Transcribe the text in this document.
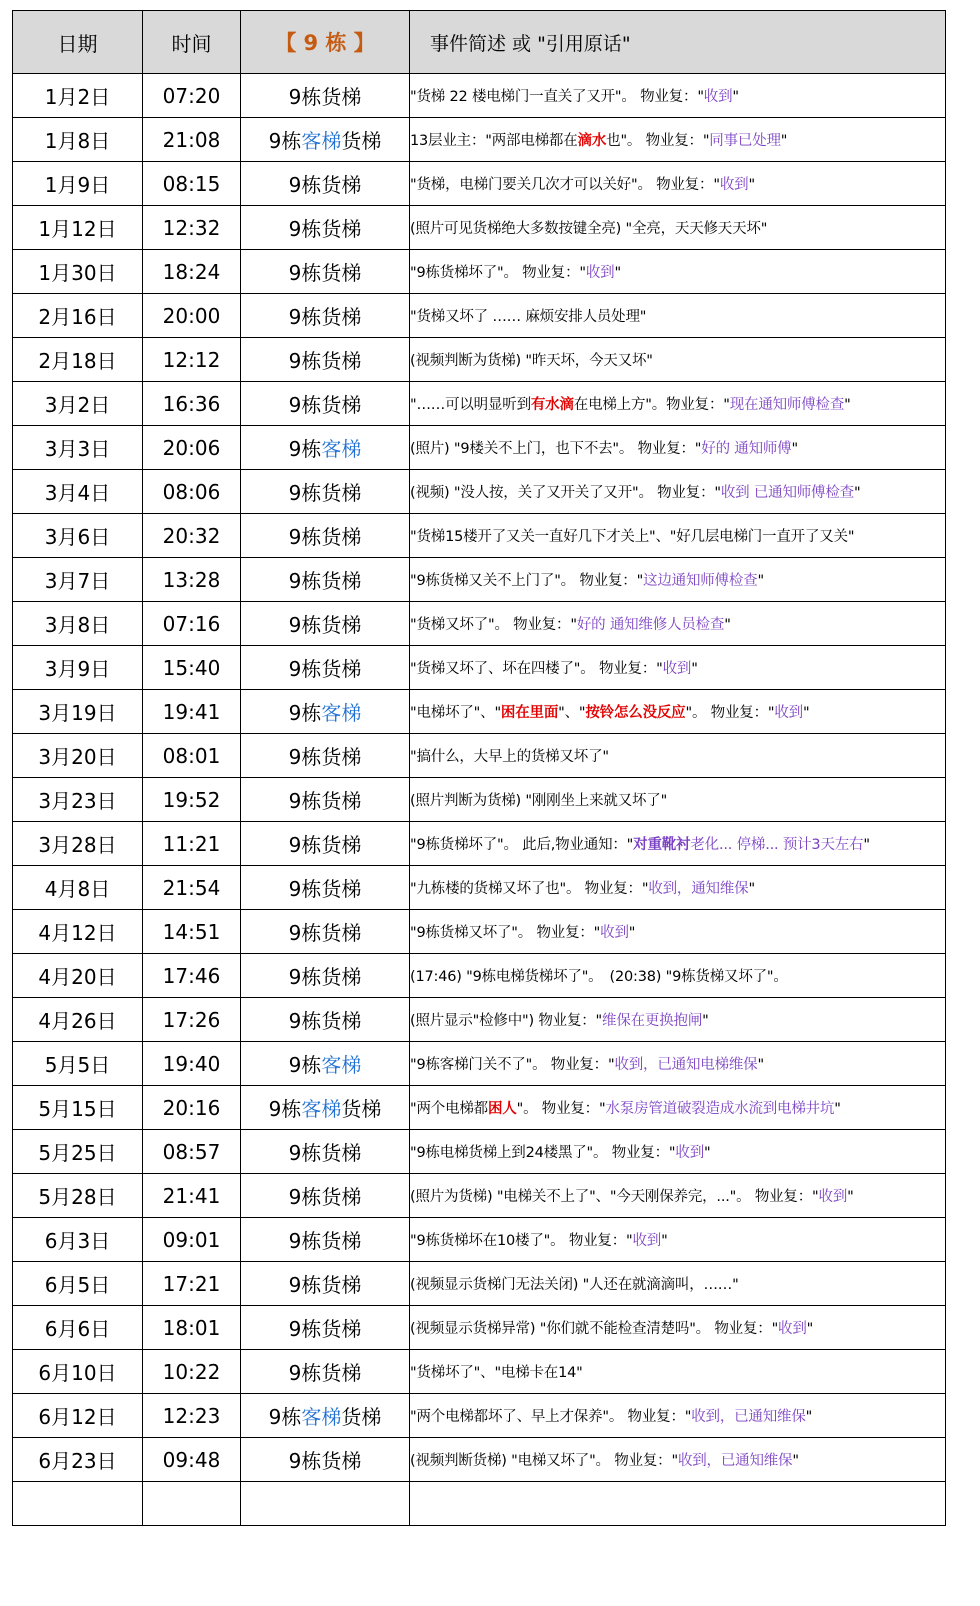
日期	时间	【 9 栋 】	事件简述 或 "引用原话"
1月2日	07:20	9栋货梯	"货梯 22 楼电梯门一直关了又开"。 物业复："收到"
1月8日	21:08	9栋客梯货梯	13层业主："两部电梯都在滴水也"。 物业复："同事已处理"
1月9日	08:15	9栋货梯	"货梯，电梯门要关几次才可以关好"。 物业复："收到"
1月12日	12:32	9栋货梯	(照片可见货梯绝大多数按键全亮) "全亮，天天修天天坏"
1月30日	18:24	9栋货梯	"9栋货梯坏了"。 物业复："收到"
2月16日	20:00	9栋货梯	"货梯又坏了 …… 麻烦安排人员处理"
2月18日	12:12	9栋货梯	(视频判断为货梯) "昨天坏，今天又坏"
3月2日	16:36	9栋货梯	"……可以明显听到有水滴在电梯上方"。物业复："现在通知师傅检查"
3月3日	20:06	9栋客梯	(照片) "9楼关不上门，也下不去"。 物业复："好的 通知师傅"
3月4日	08:06	9栋货梯	(视频) "没人按，关了又开关了又开"。 物业复："收到 已通知师傅检查"
3月6日	20:32	9栋货梯	"货梯15楼开了又关一直好几下才关上"、"好几层电梯门一直开了又关"
3月7日	13:28	9栋货梯	"9栋货梯又关不上门了"。 物业复："这边通知师傅检查"
3月8日	07:16	9栋货梯	"货梯又坏了"。 物业复："好的 通知维修人员检查"
3月9日	15:40	9栋货梯	"货梯又坏了、坏在四楼了"。 物业复："收到"
3月19日	19:41	9栋客梯	"电梯坏了"、"困在里面"、"按铃怎么没反应"。 物业复："收到"
3月20日	08:01	9栋货梯	"搞什么，大早上的货梯又坏了"
3月23日	19:52	9栋货梯	(照片判断为货梯) "刚刚坐上来就又坏了"
3月28日	11:21	9栋货梯	"9栋货梯坏了"。 此后,物业通知："对重靴衬老化... 停梯... 预计3天左右"
4月8日	21:54	9栋货梯	"九栋楼的货梯又坏了也"。 物业复："收到，通知维保"
4月12日	14:51	9栋货梯	"9栋货梯又坏了"。 物业复："收到"
4月20日	17:46	9栋货梯	(17:46) "9栋电梯货梯坏了"。　(20:38) "9栋货梯又坏了"。
4月26日	17:26	9栋货梯	(照片显示"检修中") 物业复："维保在更换抱闸"
5月5日	19:40	9栋客梯	"9栋客梯门关不了"。 物业复："收到，已通知电梯维保"
5月15日	20:16	9栋客梯货梯	"两个电梯都困人"。 物业复："水泵房管道破裂造成水流到电梯井坑"
5月25日	08:57	9栋货梯	"9栋电梯货梯上到24楼黑了"。 物业复："收到"
5月28日	21:41	9栋货梯	(照片为货梯) "电梯关不上了"、"今天刚保养完，..."。 物业复："收到"
6月3日	09:01	9栋货梯	"9栋货梯坏在10楼了"。 物业复："收到"
6月5日	17:21	9栋货梯	(视频显示货梯门无法关闭) "人还在就滴滴叫，……"
6月6日	18:01	9栋货梯	(视频显示货梯异常) "你们就不能检查清楚吗"。 物业复："收到"
6月10日	10:22	9栋货梯	"货梯坏了"、"电梯卡在14"
6月12日	12:23	9栋客梯货梯	"两个电梯都坏了、早上才保养"。 物业复："收到，已通知维保"
6月23日	09:48	9栋货梯	(视频判断货梯) "电梯又坏了"。 物业复："收到，已通知维保"
